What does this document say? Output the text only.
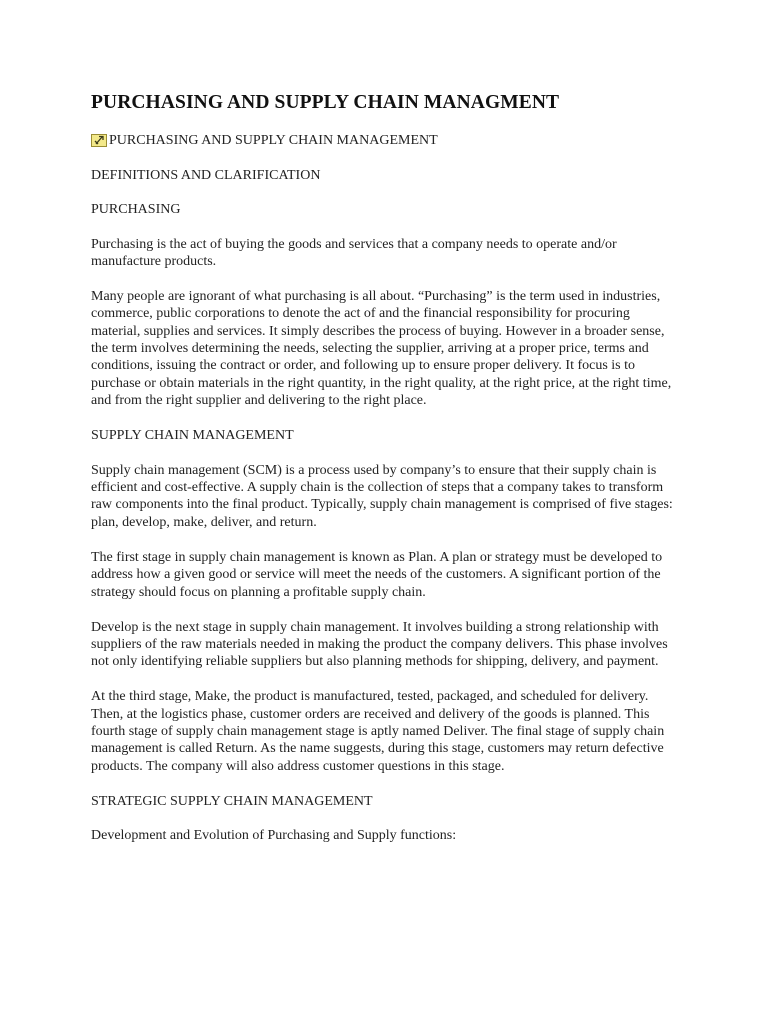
PURCHASING AND SUPPLY CHAIN MANAGMENT
PURCHASING AND SUPPLY CHAIN MANAGEMENT
DEFINITIONS AND CLARIFICATION
PURCHASING

Purchasing is the act of buying the goods and services that a company needs to operate and/or manufacture products.

Many people are ignorant of what purchasing is all about. “Purchasing” is the term used in industries, commerce, public corporations to denote the act of and the financial responsibility for procuring material, supplies and services. It simply describes the process of buying. However in a broader sense, the term involves determining the needs, selecting the supplier, arriving at a proper price, terms and conditions, issuing the contract or order, and following up to ensure proper delivery. It focus is to purchase or obtain materials in the right quantity, in the right quality, at the right price, at the right time, and from the right supplier and delivering to the right place.

SUPPLY CHAIN MANAGEMENT

Supply chain management (SCM) is a process used by company’s to ensure that their supply chain is efficient and cost-effective. A supply chain is the collection of steps that a company takes to transform raw components into the final product. Typically, supply chain management is comprised of five stages: plan, develop, make, deliver, and return.

The first stage in supply chain management is known as Plan. A plan or strategy must be developed to address how a given good or service will meet the needs of the customers. A significant portion of the strategy should focus on planning a profitable supply chain.

Develop is the next stage in supply chain management. It involves building a strong relationship with suppliers of the raw materials needed in making the product the company delivers. This phase involves not only identifying reliable suppliers but also planning methods for shipping, delivery, and payment.

At the third stage, Make, the product is manufactured, tested, packaged, and scheduled for delivery. Then, at the logistics phase, customer orders are received and delivery of the goods is planned. This fourth stage of supply chain management stage is aptly named Deliver. The final stage of supply chain management is called Return. As the name suggests, during this stage, customers may return defective products. The company will also address customer questions in this stage.

STRATEGIC SUPPLY CHAIN MANAGEMENT

Development and Evolution of Purchasing and Supply functions:
